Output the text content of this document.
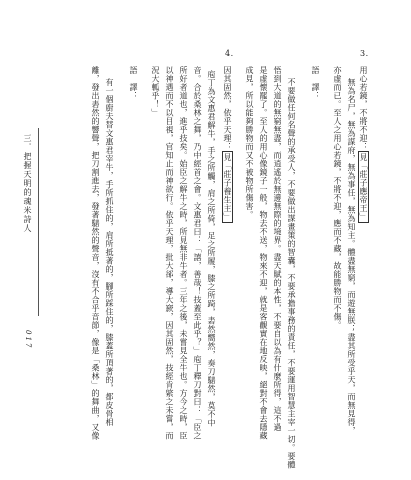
3.
用心若鏡，不將不迎：見「莊子應帝王」
無為名尸，無為謀府，無為事任，無為知主。體盡無窮，而遊無朕；盡其所受乎天，而無見得，
亦虛而已。至人之用心若鏡，不將不迎，應而不藏，故能勝物而不傷。
語　譯：
不要做任何名聲的承受人，不要做出謀畫策的智囊，不要承擔事務的責任，不要運用智慧主宰一切。要體
悟到大道的無窮無盡，而逍遙於無邊無際的境界。盡天賦的本性，不要自以為有什麼所得，這不過
是虛懷罷了。至人的用心像鏡子一般，物去不送，物來不迎，就是客觀實在地反映，絕對不會去隱藏
成見，所以能夠勝物而又不被物所傷害。
4.
因其固然，依乎天理：見「莊子養生主」
庖丁為文惠君解牛，手之所觸，肩之所倚，足之所履，膝之所踦，砉然嚮然，奏刀騞然，莫不中
音。合於桑林之舞，乃中經首之會。文惠君曰：「譆，善哉！技蓋至此乎？」庖丁釋刀對曰：「臣之
所好者道也，進乎技矣。始臣之解牛之時，所見無非牛者。三年之後，未嘗見全牛也。方今之時，臣
以神遇而不以目視，官知止而神欲行。依乎天理，批大郤，導大窾，因其固然，技經肯綮之未嘗，而
況大軱乎！」
語　譯：
有一個廚夫替文惠君宰牛，手所抓住的，肩所抵著的，腳所踩住的，膝蓋所頂著的，都皮骨相
離，發出砉然的響聲，把刀割進去，發著騞然的聲音，沒有不合乎音節，像是「桑林」的舞曲，又像
三．把握天明的魂米詩人
017
